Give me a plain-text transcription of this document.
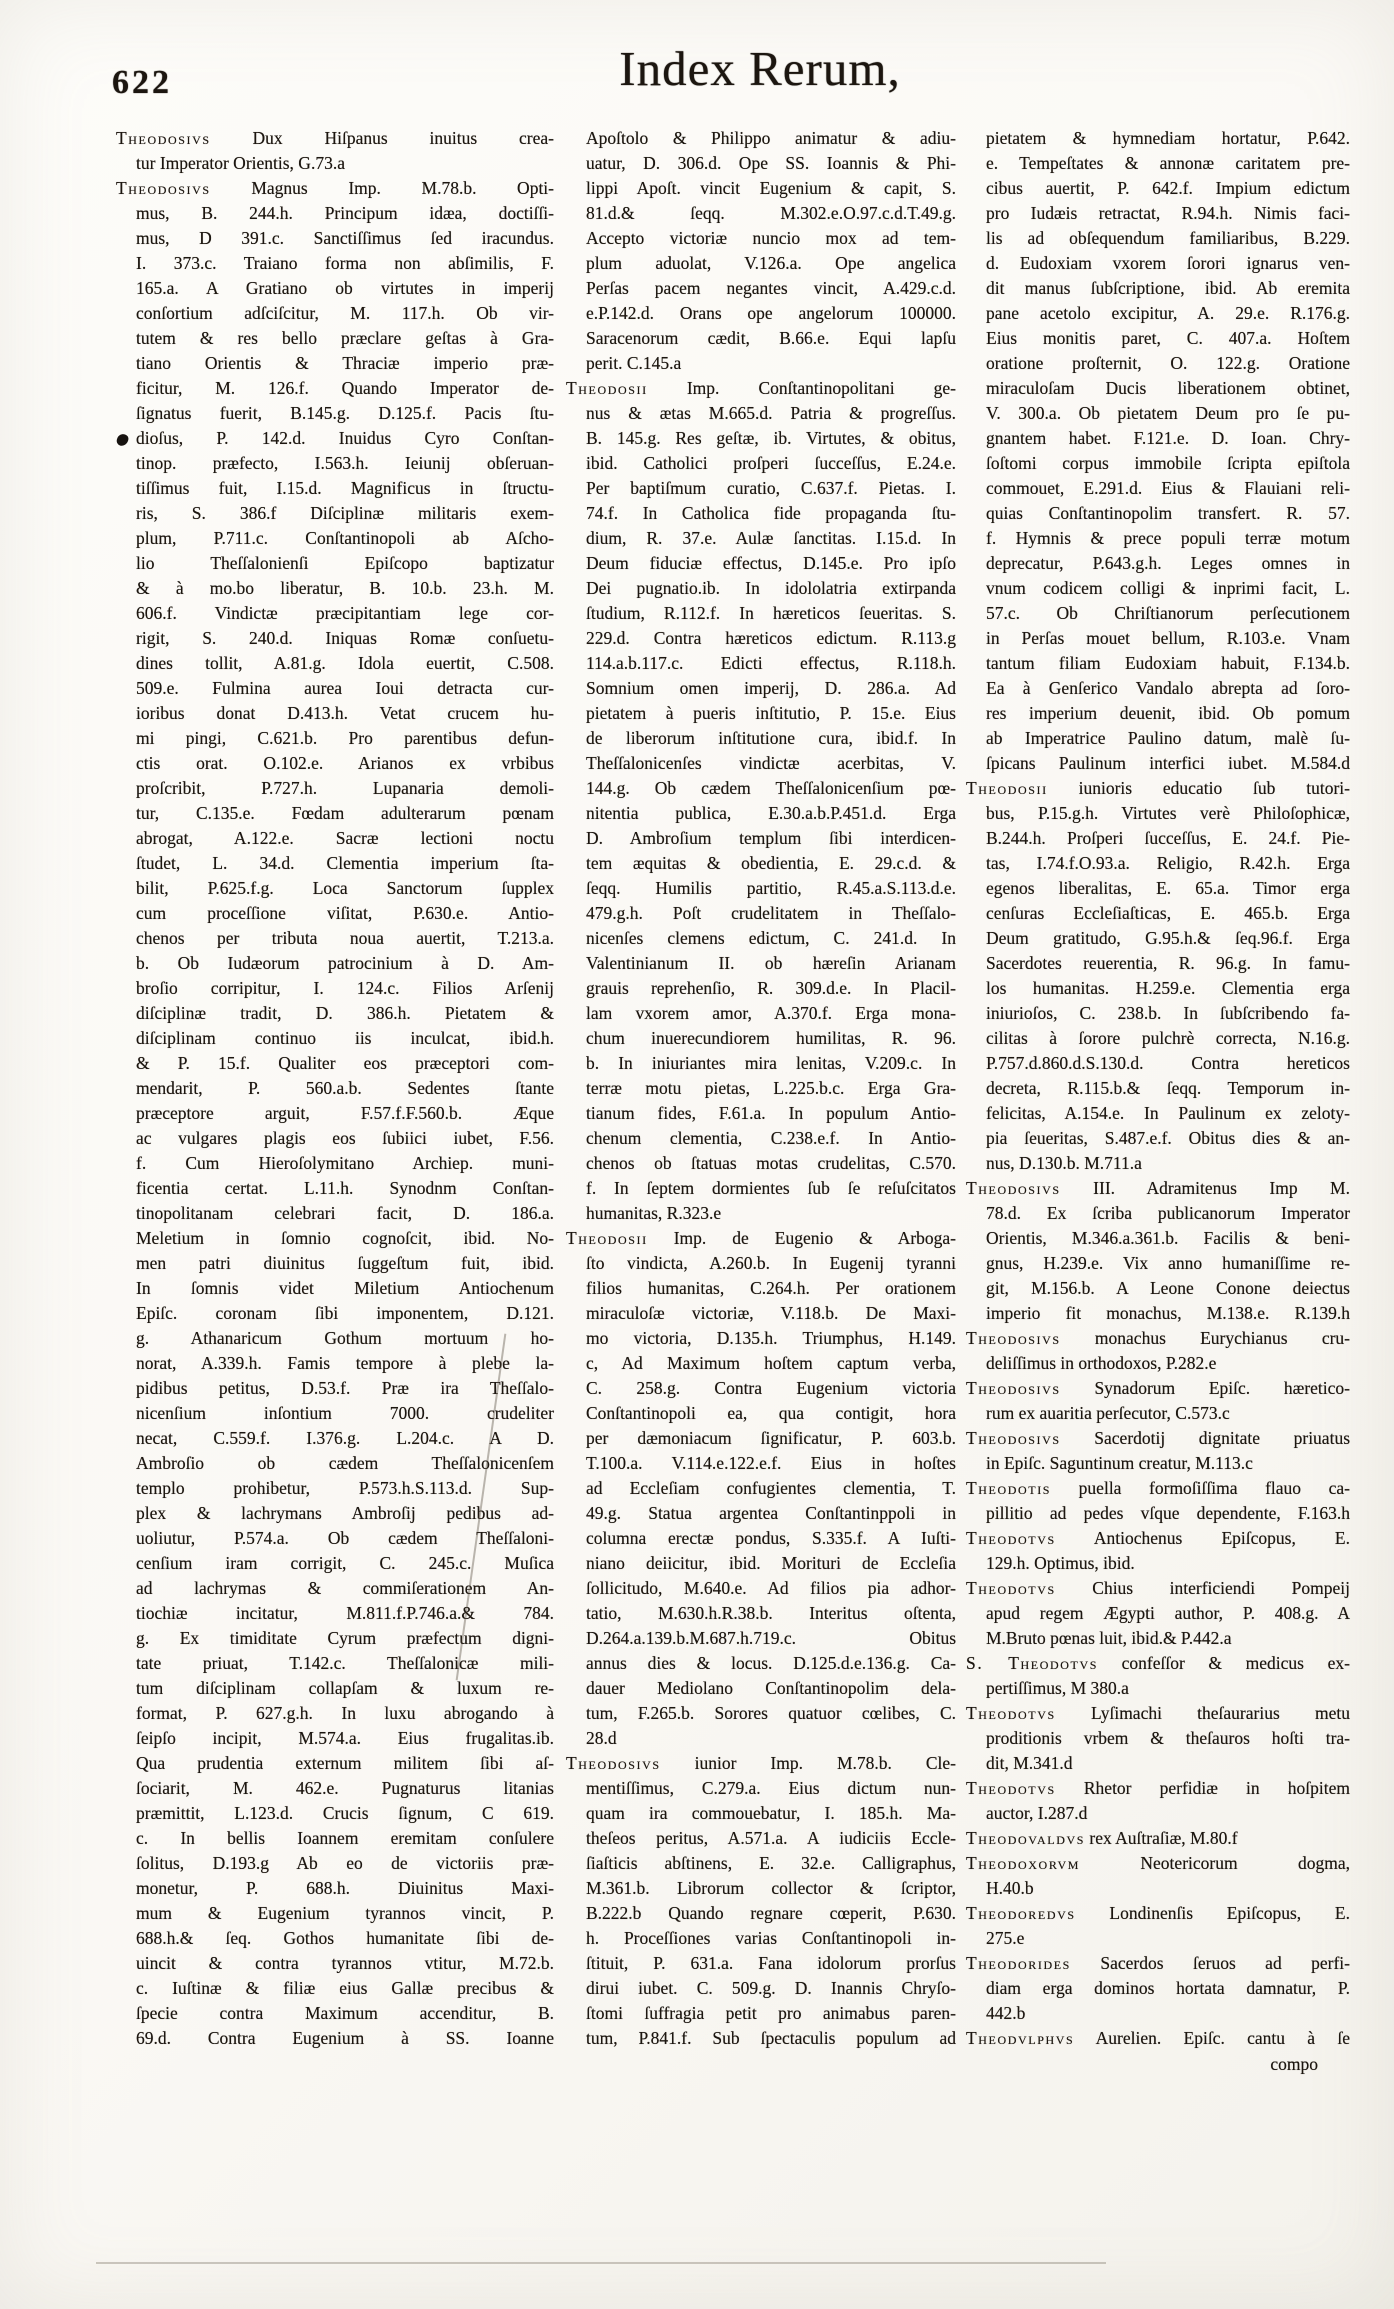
622	Index Rerum,
Theodosivs Dux Hiſpanus inuitus crea-
tur Imperator Orientis, G.73.a
Theodosivs Magnus Imp. M.78.b. Opti-
mus, B. 244.h. Principum idæa, doctiſſi-
mus, D 391.c. Sanctiſſimus ſed iracundus.
I. 373.c. Traiano forma non abſimilis, F.
165.a. A Gratiano ob virtutes in imperij
conſortium adſciſcitur, M. 117.h. Ob vir-
tutem & res bello præclare geſtas à Gra-
tiano Orientis & Thraciæ imperio præ-
ficitur, M. 126.f. Quando Imperator de-
ſignatus fuerit, B.145.g. D.125.f. Pacis ſtu-
dioſus, P. 142.d. Inuidus Cyro Conſtan-
tinop. præfecto, I.563.h. Ieiunij obſeruan-
tiſſimus fuit, I.15.d. Magnificus in ſtructu-
ris, S. 386.f Diſciplinæ militaris exem-
plum, P.711.c. Conſtantinopoli ab Aſcho-
lio Theſſalonienſi Epiſcopo baptizatur
& à mo.bo liberatur, B. 10.b. 23.h. M.
606.f. Vindictæ præcipitantiam lege cor-
rigit, S. 240.d. Iniquas Romæ conſuetu-
dines tollit, A.81.g. Idola euertit, C.508.
509.e. Fulmina aurea Ioui detracta cur-
ioribus donat D.413.h. Vetat crucem hu-
mi pingi, C.621.b. Pro parentibus defun-
ctis orat. O.102.e. Arianos ex vrbibus
proſcribit, P.727.h. Lupanaria demoli-
tur, C.135.e. Fœdam adulterarum pœnam
abrogat, A.122.e. Sacræ lectioni noctu
ſtudet, L. 34.d. Clementia imperium ſta-
bilit, P.625.f.g. Loca Sanctorum ſupplex
cum proceſſione viſitat, P.630.e. Antio-
chenos per tributa noua auertit, T.213.a.
b. Ob Iudæorum patrocinium à D. Am-
broſio corripitur, I. 124.c. Filios Arſenij
diſciplinæ tradit, D. 386.h. Pietatem &
diſciplinam continuo iis inculcat, ibid.h.
& P. 15.f. Qualiter eos præceptori com-
mendarit, P. 560.a.b. Sedentes ſtante
præceptore arguit, F.57.f.F.560.b. Æque
ac vulgares plagis eos ſubiici iubet, F.56.
f. Cum Hieroſolymitano Archiep. muni-
ficentia certat. L.11.h. Synodnm Conſtan-
tinopolitanam celebrari facit, D. 186.a.
Meletium in ſomnio cognoſcit, ibid. No-
men patri diuinitus ſuggeſtum fuit, ibid.
In ſomnis videt Miletium Antiochenum
Epiſc. coronam ſibi imponentem, D.121.
g. Athanaricum Gothum mortuum ho-
norat, A.339.h. Famis tempore à plebe la-
pidibus petitus, D.53.f. Præ ira Theſſalo-
nicenſium inſontium 7000. crudeliter
necat, C.559.f. I.376.g. L.204.c. A D.
Ambroſio ob cædem Theſſalonicenſem
templo prohibetur, P.573.h.S.113.d. Sup-
plex & lachrymans Ambroſij pedibus ad-
uoliutur, P.574.a. Ob cædem Theſſaloni-
cenſium iram corrigit, C. 245.c. Muſica
ad lachrymas & commiſerationem An-
tiochiæ incitatur, M.811.f.P.746.a.& 784.
g. Ex timiditate Cyrum præfectum digni-
tate priuat, T.142.c. Theſſalonicæ mili-
tum diſciplinam collapſam & luxum re-
format, P. 627.g.h. In luxu abrogando à
ſeipſo incipit, M.574.a. Eius frugalitas.ib.
Qua prudentia externum militem ſibi aſ-
ſociarit, M. 462.e. Pugnaturus litanias
præmittit, L.123.d. Crucis ſignum, C 619.
c. In bellis Ioannem eremitam conſulere
ſolitus, D.193.g Ab eo de victoriis præ-
monetur, P. 688.h. Diuinitus Maxi-
mum & Eugenium tyrannos vincit, P.
688.h.& ſeq. Gothos humanitate ſibi de-
uincit & contra tyrannos vtitur, M.72.b.
c. Iuſtinæ & filiæ eius Gallæ precibus &
ſpecie contra Maximum accenditur, B.
69.d. Contra Eugenium à SS. Ioanne
Apoſtolo & Philippo animatur & adiu-
uatur, D. 306.d. Ope SS. Ioannis & Phi-
lippi Apoſt. vincit Eugenium & capit, S.
81.d.& ſeqq. M.302.e.O.97.c.d.T.49.g.
Accepto victoriæ nuncio mox ad tem-
plum aduolat, V.126.a. Ope angelica
Perſas pacem negantes vincit, A.429.c.d.
e.P.142.d. Orans ope angelorum 100000.
Saracenorum cædit, B.66.e. Equi lapſu
perit. C.145.a
Theodosii Imp. Conſtantinopolitani ge-
nus & ætas M.665.d. Patria & progreſſus.
B. 145.g. Res geſtæ, ib. Virtutes, & obitus,
ibid. Catholici proſperi ſucceſſus, E.24.e.
Per baptiſmum curatio, C.637.f. Pietas. I.
74.f. In Catholica fide propaganda ſtu-
dium, R. 37.e. Aulæ ſanctitas. I.15.d. In
Deum fiduciæ effectus, D.145.e. Pro ipſo
Dei pugnatio.ib. In idololatria extirpanda
ſtudium, R.112.f. In hæreticos ſeueritas. S.
229.d. Contra hæreticos edictum. R.113.g
114.a.b.117.c. Edicti effectus, R.118.h.
Somnium omen imperij, D. 286.a. Ad
pietatem à pueris inſtitutio, P. 15.e. Eius
de liberorum inſtitutione cura, ibid.f. In
Theſſalonicenſes vindictæ acerbitas, V.
144.g. Ob cædem Theſſalonicenſium pœ-
nitentia publica, E.30.a.b.P.451.d. Erga
D. Ambroſium templum ſibi interdicen-
tem æquitas & obedientia, E. 29.c.d. &
ſeqq. Humilis partitio, R.45.a.S.113.d.e.
479.g.h. Poſt crudelitatem in Theſſalo-
nicenſes clemens edictum, C. 241.d. In
Valentinianum II. ob hæreſin Arianam
grauis reprehenſio, R. 309.d.e. In Placil-
lam vxorem amor, A.370.f. Erga mona-
chum inuerecundiorem humilitas, R. 96.
b. In iniuriantes mira lenitas, V.209.c. In
terræ motu pietas, L.225.b.c. Erga Gra-
tianum fides, F.61.a. In populum Antio-
chenum clementia, C.238.e.f. In Antio-
chenos ob ſtatuas motas crudelitas, C.570.
f. In ſeptem dormientes ſub ſe reſuſcitatos
humanitas, R.323.e
Theodosii Imp. de Eugenio & Arboga-
ſto vindicta, A.260.b. In Eugenij tyranni
filios humanitas, C.264.h. Per orationem
miraculoſæ victoriæ, V.118.b. De Maxi-
mo victoria, D.135.h. Triumphus, H.149.
c, Ad Maximum hoſtem captum verba,
C. 258.g. Contra Eugenium victoria
Conſtantinopoli ea, qua contigit, hora
per dæmoniacum ſignificatur, P. 603.b.
T.100.a. V.114.e.122.e.f. Eius in hoſtes
ad Eccleſiam confugientes clementia, T.
49.g. Statua argentea Conſtantinppoli in
columna erectæ pondus, S.335.f. A Iuſti-
niano deiicitur, ibid. Morituri de Eccleſia
ſollicitudo, M.640.e. Ad filios pia adhor-
tatio, M.630.h.R.38.b. Interitus oſtenta,
D.264.a.139.b.M.687.h.719.c. Obitus
annus dies & locus. D.125.d.e.136.g. Ca-
dauer Mediolano Conſtantinopolim dela-
tum, F.265.b. Sorores quatuor cœlibes, C.
28.d
Theodosivs iunior Imp. M.78.b. Cle-
mentiſſimus, C.279.a. Eius dictum nun-
quam ira commouebatur, I. 185.h. Ma-
theſeos peritus, A.571.a. A iudiciis Eccle-
ſiaſticis abſtinens, E. 32.e. Calligraphus,
M.361.b. Librorum collector & ſcriptor,
B.222.b Quando regnare cœperit, P.630.
h. Proceſſiones varias Conſtantinopoli in-
ſtituit, P. 631.a. Fana idolorum prorſus
dirui iubet. C. 509.g. D. Inannis Chryſo-
ſtomi ſuffragia petit pro animabus paren-
tum, P.841.f. Sub ſpectaculis populum ad
pietatem & hymnediam hortatur, P.642.
e. Tempeſtates & annonæ caritatem pre-
cibus auertit, P. 642.f. Impium edictum
pro Iudæis retractat, R.94.h. Nimis faci-
lis ad obſequendum familiaribus, B.229.
d. Eudoxiam vxorem ſorori ignarus ven-
dit manus ſubſcriptione, ibid. Ab eremita
pane acetolo excipitur, A. 29.e. R.176.g.
Eius monitis paret, C. 407.a. Hoſtem
oratione proſternit, O. 122.g. Oratione
miraculoſam Ducis liberationem obtinet,
V. 300.a. Ob pietatem Deum pro ſe pu-
gnantem habet. F.121.e. D. Ioan. Chry-
ſoſtomi corpus immobile ſcripta epiſtola
commouet, E.291.d. Eius & Flauiani reli-
quias Conſtantinopolim transfert. R. 57.
f. Hymnis & prece populi terræ motum
deprecatur, P.643.g.h. Leges omnes in
vnum codicem colligi & inprimi facit, L.
57.c. Ob Chriſtianorum perſecutionem
in Perſas mouet bellum, R.103.e. Vnam
tantum filiam Eudoxiam habuit, F.134.b.
Ea à Genſerico Vandalo abrepta ad ſoro-
res imperium deuenit, ibid. Ob pomum
ab Imperatrice Paulino datum, malè ſu-
ſpicans Paulinum interfici iubet. M.584.d
Theodosii iunioris educatio ſub tutori-
bus, P.15.g.h. Virtutes verè Philoſophicæ,
B.244.h. Proſperi ſucceſſus, E. 24.f. Pie-
tas, I.74.f.O.93.a. Religio, R.42.h. Erga
egenos liberalitas, E. 65.a. Timor erga
cenſuras Eccleſiaſticas, E. 465.b. Erga
Deum gratitudo, G.95.h.& ſeq.96.f. Erga
Sacerdotes reuerentia, R. 96.g. In famu-
los humanitas. H.259.e. Clementia erga
iniurioſos, C. 238.b. In ſubſcribendo fa-
cilitas à ſorore pulchrè correcta, N.16.g.
P.757.d.860.d.S.130.d. Contra hereticos
decreta, R.115.b.& ſeqq. Temporum in-
felicitas, A.154.e. In Paulinum ex zeloty-
pia ſeueritas, S.487.e.f. Obitus dies & an-
nus, D.130.b. M.711.a
Theodosivs III. Adramitenus Imp M.
78.d. Ex ſcriba publicanorum Imperator
Orientis, M.346.a.361.b. Facilis & beni-
gnus, H.239.e. Vix anno humaniſſime re-
git, M.156.b. A Leone Conone deiectus
imperio fit monachus, M.138.e. R.139.h
Theodosivs monachus Eurychianus cru-
deliſſimus in orthodoxos, P.282.e
Theodosivs Synadorum Epiſc. hæretico-
rum ex auaritia perſecutor, C.573.c
Theodosivs Sacerdotij dignitate priuatus
in Epiſc. Saguntinum creatur, M.113.c
Theodotis puella formoſiſſima flauo ca-
pillitio ad pedes vſque dependente, F.163.h
Theodotvs Antiochenus Epiſcopus, E.
129.h. Optimus, ibid.
Theodotvs Chius interficiendi Pompeij
apud regem Ægypti author, P. 408.g. A
M.Bruto pœnas luit, ibid.& P.442.a
S. Theodotvs confeſſor & medicus ex-
pertiſſimus, M 380.a
Theodotvs Lyſimachi theſaurarius metu
proditionis vrbem & theſauros hoſti tra-
dit, M.341.d
Theodotvs Rhetor perfidiæ in hoſpitem
auctor, I.287.d
Theodovaldvs rex Auſtraſiæ, M.80.f
Theodoxorvm Neotericorum dogma,
H.40.b
Theodoredvs Londinenſis Epiſcopus, E.
275.e
Theodorides Sacerdos ſeruos ad perfi-
diam erga dominos hortata damnatur, P.
442.b
Theodvlphvs Aurelien. Epiſc. cantu à ſe
compo
